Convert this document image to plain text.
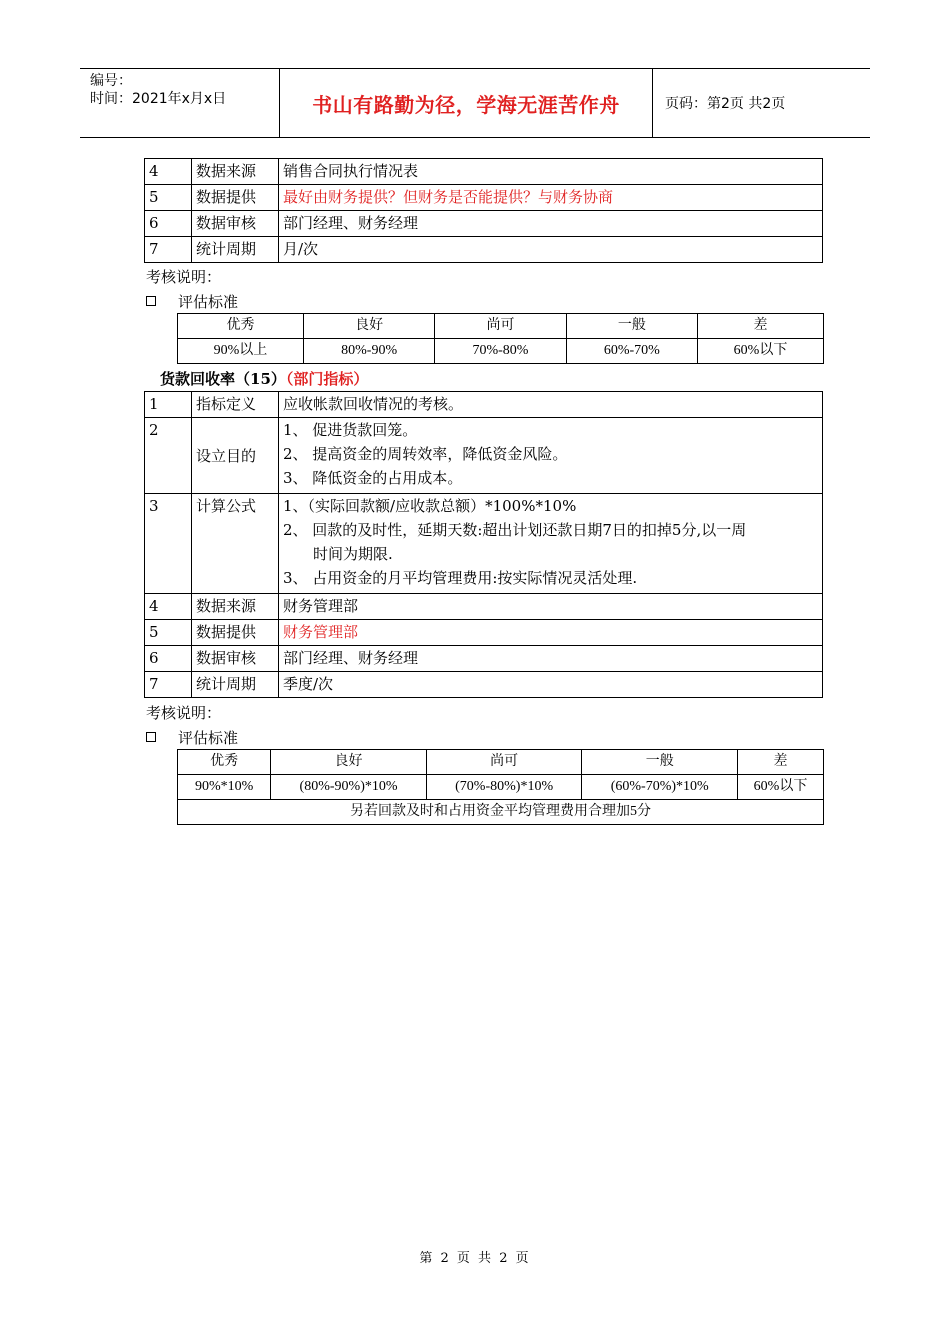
编号：
时间：2021年x月x日	书山有路勤为径，学海无涯苦作舟	页码：第2页 共2页
4	数据来源	销售合同执行情况表
5	数据提供	最好由财务提供？但财务是否能提供？与财务协商
6	数据审核	部门经理、财务经理
7	统计周期	月/次
考核说明：
评估标准
优秀	良好	尚可	一般	差
90%以上	80%-90%	70%-80%	60%-70%	60%以下
货款回收率（15）（部门指标）
1	指标定义	应收帐款回收情况的考核。
2	设立目的	1、 促进货款回笼。
2、 提高资金的周转效率，降低资金风险。
3、 降低资金的占用成本。

3	计算公式	1、（实际回款额/应收款总额）*100%*10%
2、 回款的及时性，延期天数:超出计划还款日期7日的扣掉5分,以一周
时间为期限.
3、 占用资金的月平均管理费用:按实际情况灵活处理.

4	数据来源	财务管理部
5	数据提供	财务管理部
6	数据审核	部门经理、财务经理
7	统计周期	季度/次
考核说明：
评估标准
优秀	良好	尚可	一般	差
90%*10%	(80%-90%)*10%	(70%-80%)*10%	(60%-70%)*10%	60%以下
另若回款及时和占用资金平均管理费用合理加5分				
第 2 页 共 2 页
